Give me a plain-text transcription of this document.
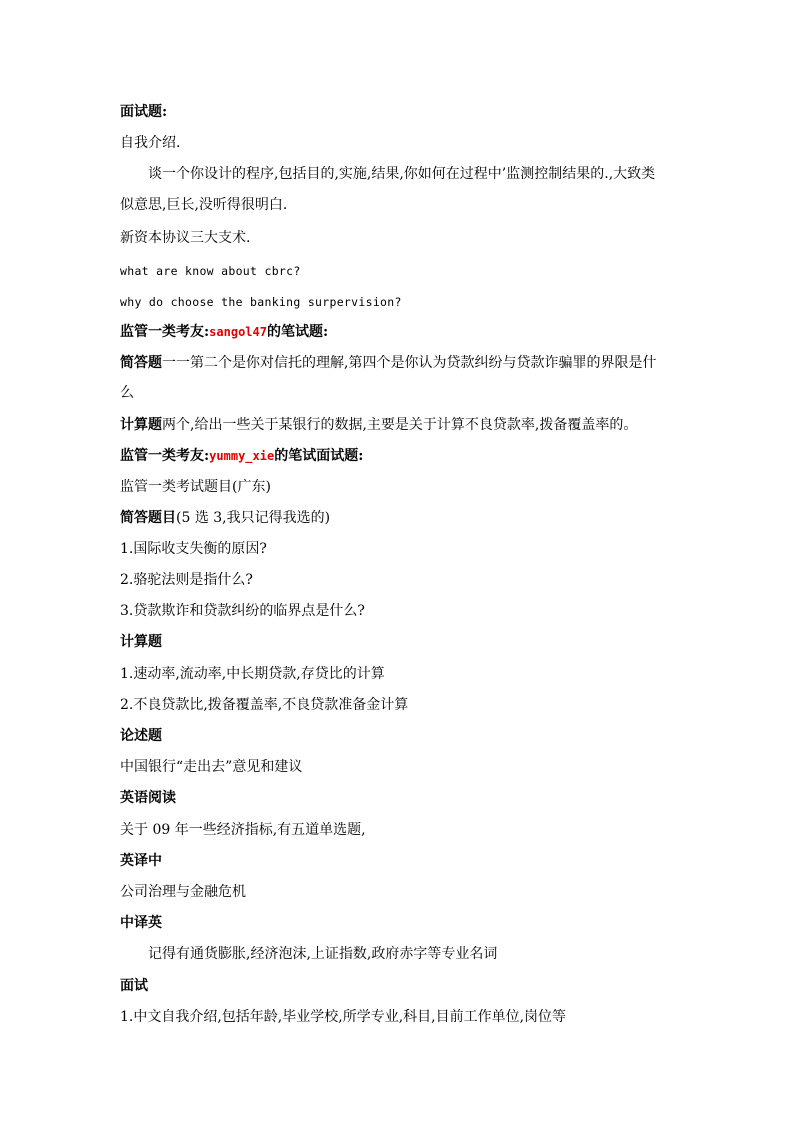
面试题:
自我介绍.
谈一个你设计的程序,包括目的,实施,结果,你如何在过程中’监测控制结果的.,大致类
似意思,巨长,没听得很明白.
新资本协议三大支术.
what are know about cbrc?
why do choose the banking surpervision?
监管一类考友:sangol47的笔试题:
简答题一一第二个是你对信托的理解,第四个是你认为贷款纠纷与贷款诈骗罪的界限是什
么
计算题两个,给出一些关于某银行的数据,主要是关于计算不良贷款率,拨备覆盖率的。
监管一类考友:yummy_xie的笔试面试题:
监管一类考试题目(广东)
简答题目(5 选 3,我只记得我选的)
1.国际收支失衡的原因?
2.骆驼法则是指什么?
3.贷款欺诈和贷款纠纷的临界点是什么?
计算题
1.速动率,流动率,中长期贷款,存贷比的计算
2.不良贷款比,拨备覆盖率,不良贷款准备金计算
论述题
中国银行“走出去”意见和建议
英语阅读
关于 09 年一些经济指标,有五道单选题,
英译中
公司治理与金融危机
中译英
记得有通货膨胀,经济泡沫,上证指数,政府赤字等专业名词
面试
1.中文自我介绍,包括年龄,毕业学校,所学专业,科目,目前工作单位,岗位等
